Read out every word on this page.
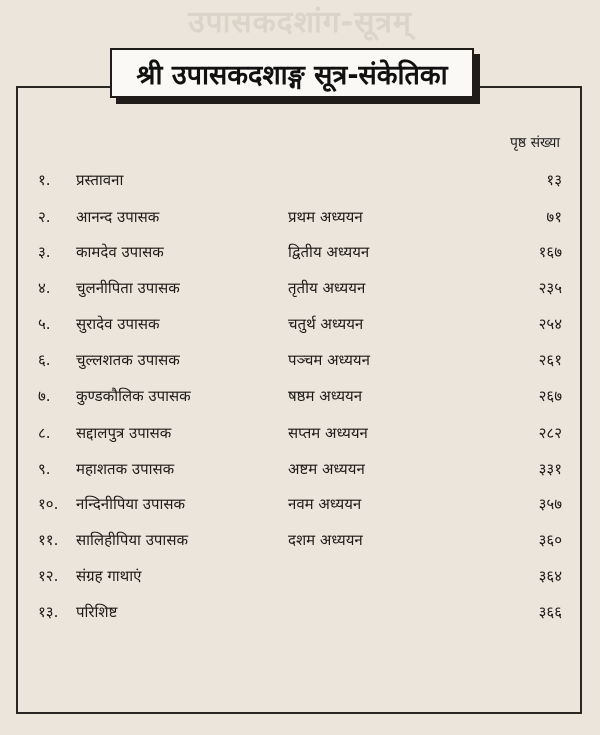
उपासकदशांग-सूत्रम्
श्री उपासकदशाङ्ग सूत्र-संकेतिका
पृष्ठ संख्या
१. प्रस्तावना	१३
२. आनन्द उपासक	प्रथम अध्ययन	७१
३. कामदेव उपासक	द्वितीय अध्ययन	१६७
४. चुलनीपिता उपासक	तृतीय अध्ययन	२३५
५. सुरादेव उपासक	चतुर्थ अध्ययन	२५४
६. चुल्लशतक उपासक	पञ्चम अध्ययन	२६१
७. कुण्डकौलिक उपासक	षष्ठम अध्ययन	२६७
८. सद्दालपुत्र उपासक	सप्तम अध्ययन	२८२
९. महाशतक उपासक	अष्टम अध्ययन	३३१
१०. नन्दिनीपिया उपासक	नवम अध्ययन	३५७
११. सालिहीपिया उपासक	दशम अध्ययन	३६०
१२. संग्रह गाथाएं	३६४
१३. परिशिष्ट	३६६
